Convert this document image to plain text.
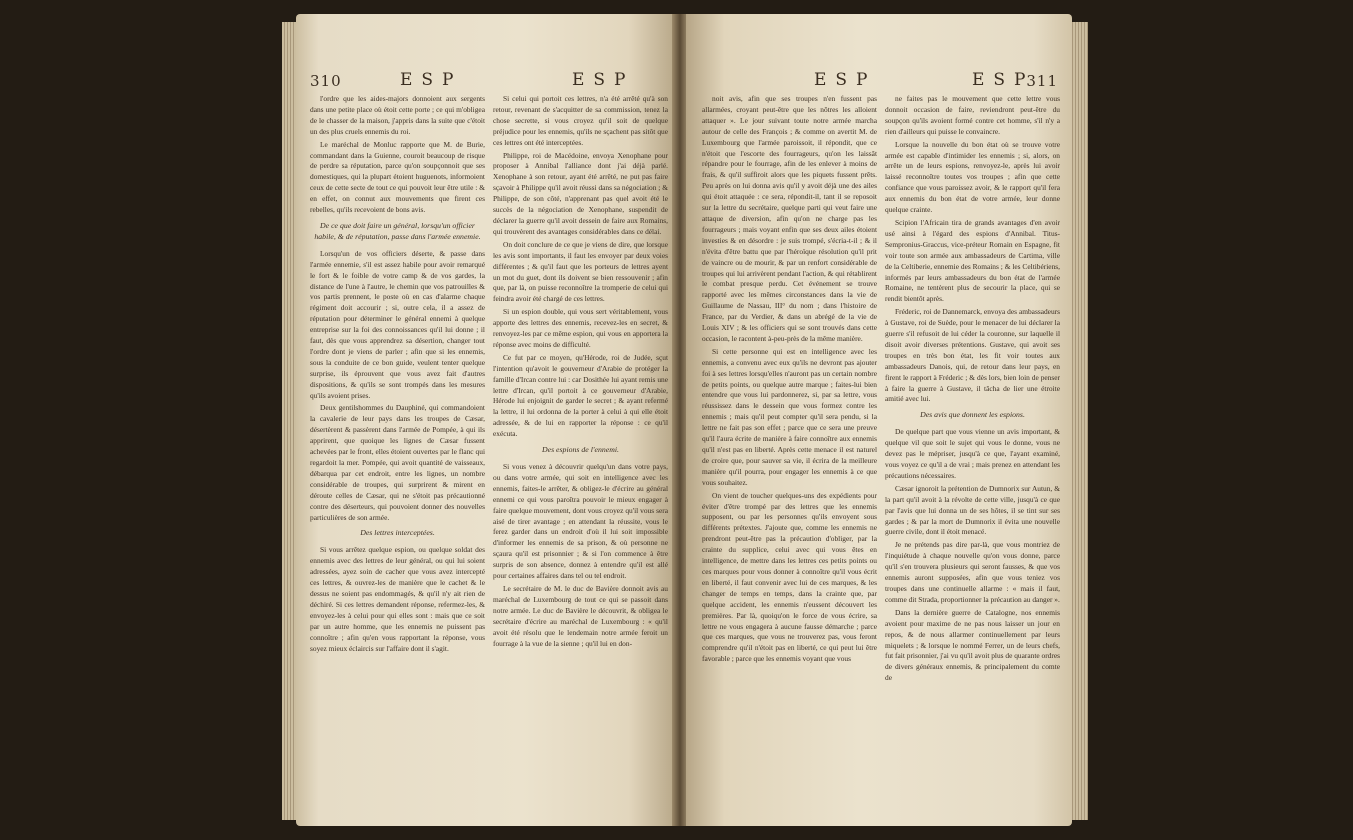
310	ESP	ESP

l'ordre que les aides-majors donnoient aux sergents dans une petite place où étoit cette porte ; ce qui m'obligea de le chasser de la maison, j'appris dans la suite que c'étoit un des plus cruels ennemis du roi.

Le maréchal de Monluc rapporte que M. de Burie, commandant dans la Guienne, couroit beaucoup de risque de perdre sa réputation, parce qu'on soupçonnoit que ses domestiques, qui la plupart étoient huguenots, informoient ceux de cette secte de tout ce qui pouvoit leur être utile : & en effet, on connut aux mouvements que firent ces rebelles, qu'ils recevoient de bons avis.

De ce que doit faire un général, lorsqu'un officier habile, & de réputation, passe dans l'armée ennemie.

Lorsqu'un de vos officiers déserte, & passe dans l'armée ennemie, s'il est assez habile pour avoir remarqué le fort & le foible de votre camp & de vos gardes, la distance de l'une à l'autre, le chemin que vos patrouilles & vos partis prennent, le poste où en cas d'alarme chaque régiment doit accourir ; si, outre cela, il a assez de réputation pour déterminer le général ennemi à quelque entreprise sur la foi des connoissances qu'il lui donne ; il faut, dès que vous apprendrez sa désertion, changer tout l'ordre dont je viens de parler ; afin que si les ennemis, sous la conduite de ce bon guide, veulent tenter quelque surprise, ils éprouvent que vous avez fait d'autres dispositions, & qu'ils se sont trompés dans les mesures qu'ils avoient prises.

Deux gentilshommes du Dauphiné, qui commandoient la cavalerie de leur pays dans les troupes de Cæsar, désertèrent & passèrent dans l'armée de Pompée, à qui ils apprirent, que quoique les lignes de Cæsar fussent achevées par le front, elles étoient ouvertes par le flanc qui regardoit la mer. Pompée, qui avoit quantité de vaisseaux, débarqua par cet endroit, entre les lignes, un nombre considérable de troupes, qui surprirent & mirent en déroute celles de Cæsar, qui ne s'étoit pas précautionné contre des déserteurs, qui pouvoient donner des nouvelles particulières de son armée.

Des lettres interceptées.

Si vous arrêtez quelque espion, ou quelque soldat des ennemis avec des lettres de leur général, ou qui lui soient adressées, ayez soin de cacher que vous avez intercepté ces lettres, & ouvrez-les de manière que le cachet & le dessus ne soient pas endommagés, & qu'il n'y ait rien de déchiré. Si ces lettres demandent réponse, refermez-les, & envoyez-les à celui pour qui elles sont : mais que ce soit par un autre homme, que les ennemis ne puissent pas connoître ; afin qu'en vous rapportant la réponse, vous soyez mieux éclaircis sur l'affaire dont il s'agit.

Si celui qui portoit ces lettres, n'a été arrêté qu'à son retour, revenant de s'acquitter de sa commission, tenez la chose secrette, si vous croyez qu'il soit de quelque préjudice pour les ennemis, qu'ils ne sçachent pas sitôt que ces lettres ont été interceptées.

Philippe, roi de Macédoine, envoya Xenophane pour proposer à Annibal l'alliance dont j'ai déjà parlé. Xenophane à son retour, ayant été arrêté, ne put pas faire sçavoir à Philippe qu'il avoit réussi dans sa négociation ; & Philippe, de son côté, n'apprenant pas quel avoit été le succès de la négociation de Xenophane, suspendit de déclarer la guerre qu'il avoit dessein de faire aux Romains, qui trouvèrent des avantages considérables dans ce délai.

On doit conclure de ce que je viens de dire, que lorsque les avis sont importants, il faut les envoyer par deux voies différentes ; & qu'il faut que les porteurs de lettres ayent un mot du guet, dont ils doivent se bien ressouvenir ; afin que, par là, on puisse reconnoître la tromperie de celui qui feindra avoir été chargé de ces lettres.

Si un espion double, qui vous sert véritablement, vous apporte des lettres des ennemis, recevez-les en secret, & renvoyez-les par ce même espion, qui vous en apportera la réponse avec moins de difficulté.

Ce fut par ce moyen, qu'Hérode, roi de Judée, sçut l'intention qu'avoit le gouverneur d'Arabie de protéger la famille d'Ircan contre lui : car Dosithée lui ayant remis une lettre d'Ircan, qu'il portoit à ce gouverneur d'Arabie, Hérode lui enjoignit de garder le secret ; & ayant refermé la lettre, il lui ordonna de la porter à celui à qui elle étoit adressée, & de lui en rapporter la réponse : ce qu'il exécuta.

Des espions de l'ennemi.

Si vous venez à découvrir quelqu'un dans votre pays, ou dans votre armée, qui soit en intelligence avec les ennemis, faites-le arrêter, & obligez-le d'écrire au général ennemi ce qui vous paroîtra pouvoir le mieux engager à faire quelque mouvement, dont vous croyez qu'il vous sera aisé de tirer avantage ; en attendant la réussite, vous le ferez garder dans un endroit d'où il lui soit impossible d'informer les ennemis de sa prison, & où personne ne sçaura qu'il est prisonnier ; & si l'on commence à être surpris de son absence, donnez à entendre qu'il est allé pour certaines affaires dans tel ou tel endroit.

Le secrétaire de M. le duc de Bavière donnoit avis au maréchal de Luxembourg de tout ce qui se passoit dans notre armée. Le duc de Bavière le découvrit, & obligea le secrétaire d'écrire au maréchal de Luxembourg : « qu'il avoit été résolu que le lendemain notre armée feroit un fourrage à la vue de la sienne ; qu'il lui en don-

ESP	ESP
311

noit avis, afin que ses troupes n'en fussent pas allarmées, croyant peut-être que les nôtres les alloient attaquer ». Le jour suivant toute notre armée marcha autour de celle des François ; & comme on avertit M. de Luxembourg que l'armée paroissoit, il répondit, que ce n'étoit que l'escorte des fourrageurs, qu'on les laissât répandre pour le fourrage, afin de les enlever à moins de frais, & qu'il suffiroit alors que les piquets fussent prêts. Peu après on lui donna avis qu'il y avoit déjà une des ailes qui étoit attaquée : ce sera, répondit-il, tant il se reposoit sur la lettre du secrétaire, quelque parti qui veut faire une attaque de diversion, afin qu'on ne charge pas les fourrageurs ; mais voyant enfin que ses deux ailes étoient investies & en désordre : je suis trompé, s'écria-t-il ; & il n'évita d'être battu que par l'héroïque résolution qu'il prit de vaincre ou de mourir, & par un renfort considérable de troupes qui lui arrivèrent pendant l'action, & qui rétablirent le combat presque perdu. Cet événement se trouve rapporté avec les mêmes circonstances dans la vie de Guillaume de Nassau, III° du nom ; dans l'histoire de France, par du Verdier, & dans un abrégé de la vie de Louis XIV ; & les officiers qui se sont trouvés dans cette occasion, le racontent à-peu-près de la même manière.

Si cette personne qui est en intelligence avec les ennemis, a convenu avec eux qu'ils ne devront pas ajouter foi à ses lettres lorsqu'elles n'auront pas un certain nombre de petits points, ou quelque autre marque ; faites-lui bien entendre que vous lui pardonnerez, si, par sa lettre, vous réussissez dans le dessein que vous formez contre les ennemis ; mais qu'il peut compter qu'il sera pendu, si la lettre ne fait pas son effet ; parce que ce sera une preuve qu'il l'aura écrite de manière à faire connoître aux ennemis qu'il n'est pas en liberté. Après cette menace il est naturel de croire que, pour sauver sa vie, il écrira de la meilleure manière qu'il pourra, pour engager les ennemis à ce que vous souhaitez.

On vient de toucher quelques-uns des expédients pour éviter d'être trompé par des lettres que les ennemis supposent, ou par les personnes qu'ils envoyent sous différents prétextes. J'ajoute que, comme les ennemis ne prendront peut-être pas la précaution d'obliger, par la crainte du supplice, celui avec qui vous êtes en intelligence, de mettre dans les lettres ces petits points ou ces marques pour vous donner à connoître qu'il vous écrit en liberté, il faut convenir avec lui de ces marques, & les changer de temps en temps, dans la crainte que, par quelque accident, les ennemis n'eussent découvert les premières. Par là, quoiqu'on le force de vous écrire, sa lettre ne vous engagera à aucune fausse démarche ; parce que ces marques, que vous ne trouverez pas, vous feront comprendre qu'il n'étoit pas en liberté, ce qui peut lui être favorable ; parce que les ennemis voyant que vous

ne faites pas le mouvement que cette lettre vous donnoit occasion de faire, reviendront peut-être du soupçon qu'ils avoient formé contre cet homme, s'il n'y a rien d'ailleurs qui puisse le convaincre.

Lorsque la nouvelle du bon état où se trouve votre armée est capable d'intimider les ennemis ; si, alors, on arrête un de leurs espions, renvoyez-le, après lui avoir laissé reconnoître toutes vos troupes ; afin que cette confiance que vous paroissez avoir, & le rapport qu'il fera aux ennemis du bon état de votre armée, leur donne quelque crainte.

Scipion l'Africain tira de grands avantages d'en avoir usé ainsi à l'égard des espions d'Annibal. Titus-Sempronius-Graccus, vice-préteur Romain en Espagne, fit voir toute son armée aux ambassadeurs de Cartima, ville de la Celtiberie, ennemie des Romains ; & les Celtibériens, informés par leurs ambassadeurs du bon état de l'armée Romaine, ne tentèrent plus de secourir la place, qui se rendit bientôt après.

Fréderic, roi de Dannemarck, envoya des ambassadeurs à Gustave, roi de Suède, pour le menacer de lui déclarer la guerre s'il refusoit de lui céder la couronne, sur laquelle il disoit avoir diverses prétentions. Gustave, qui avoit ses troupes en très bon état, les fit voir toutes aux ambassadeurs Danois, qui, de retour dans leur pays, en firent le rapport à Fréderic ; & dès lors, bien loin de penser à faire la guerre à Gustave, il tâcha de lier une étroite amitié avec lui.

Des avis que donnent les espions.

De quelque part que vous vienne un avis important, & quelque vil que soit le sujet qui vous le donne, vous ne devez pas le mépriser, jusqu'à ce que, l'ayant examiné, vous voyez ce qu'il a de vrai ; mais prenez en attendant les précautions nécessaires.

Cæsar ignoroit la prétention de Dumnorix sur Autun, & la part qu'il avoit à la révolte de cette ville, jusqu'à ce que par l'avis que lui donna un de ses hôtes, il se tint sur ses gardes ; & par la mort de Dumnorix il évita une nouvelle guerre civile, dont il étoit menacé.

Je ne prétends pas dire par-là, que vous montriez de l'inquiétude à chaque nouvelle qu'on vous donne, parce qu'il s'en trouvera plusieurs qui seront fausses, & que vos ennemis auront supposées, afin que vous teniez vos troupes dans une continuelle allarme : « mais il faut, comme dit Strada, proportionner la précaution au danger ».

Dans la dernière guerre de Catalogne, nos ennemis avoient pour maxime de ne pas nous laisser un jour en repos, & de nous allarmer continuellement par leurs miquelets ; & lorsque le nommé Ferrer, un de leurs chefs, fut fait prisonnier, j'ai vu qu'il avoit plus de quarante ordres de divers généraux ennemis, & principalement du comte de
